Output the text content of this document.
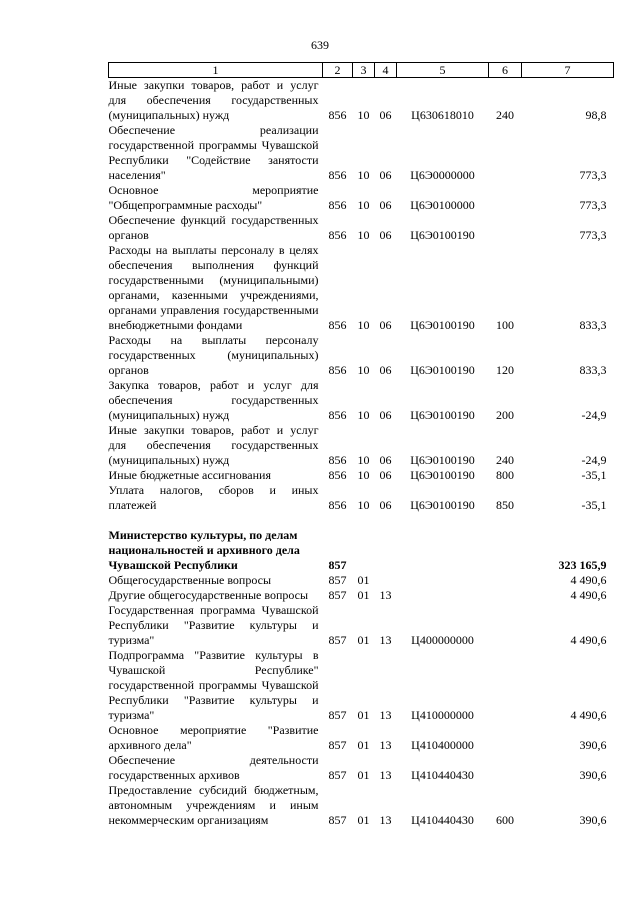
639
1	2	3	4	5	6	7
Иные закупки товаров, работ и услуг для обеспечения государственных (муниципальных) нужд	856	10	06	Ц630618010	240	98,8
Обеспечение реализации государственной программы Чувашской Республики "Содействие занятости населения"	856	10	06	Ц6Э0000000		773,3
Основное мероприятие "Общепрограммные расходы"	856	10	06	Ц6Э0100000		773,3
Обеспечение функций государственных органов	856	10	06	Ц6Э0100190		773,3
Расходы на выплаты персоналу в целях обеспечения выполнения функций государственными (муниципальными) органами, казенными учреждениями, органами управления государственными внебюджетными фондами	856	10	06	Ц6Э0100190	100	833,3
Расходы на выплаты персоналу государственных (муниципальных) органов	856	10	06	Ц6Э0100190	120	833,3
Закупка товаров, работ и услуг для обеспечения государственных (муниципальных) нужд	856	10	06	Ц6Э0100190	200	-24,9
Иные закупки товаров, работ и услуг для обеспечения государственных (муниципальных) нужд	856	10	06	Ц6Э0100190	240	-24,9
Иные бюджетные ассигнования	856	10	06	Ц6Э0100190	800	-35,1
Уплата налогов, сборов и иных платежей	856	10	06	Ц6Э0100190	850	-35,1

Министерство культуры, по делам национальностей и архивного дела Чувашской Республики	857					323 165,9
Общегосударственные вопросы	857	01				4 490,6
Другие общегосударственные вопросы	857	01	13			4 490,6
Государственная программа Чувашской Республики "Развитие культуры и туризма"	857	01	13	Ц400000000		4 490,6
Подпрограмма "Развитие культуры в Чувашской Республике" государственной программы Чувашской Республики "Развитие культуры и туризма"	857	01	13	Ц410000000		4 490,6
Основное мероприятие "Развитие архивного дела"	857	01	13	Ц410400000		390,6
Обеспечение деятельности государственных архивов	857	01	13	Ц410440430		390,6
Предоставление субсидий бюджетным, автономным учреждениям и иным некоммерческим организациям	857	01	13	Ц410440430	600	390,6
